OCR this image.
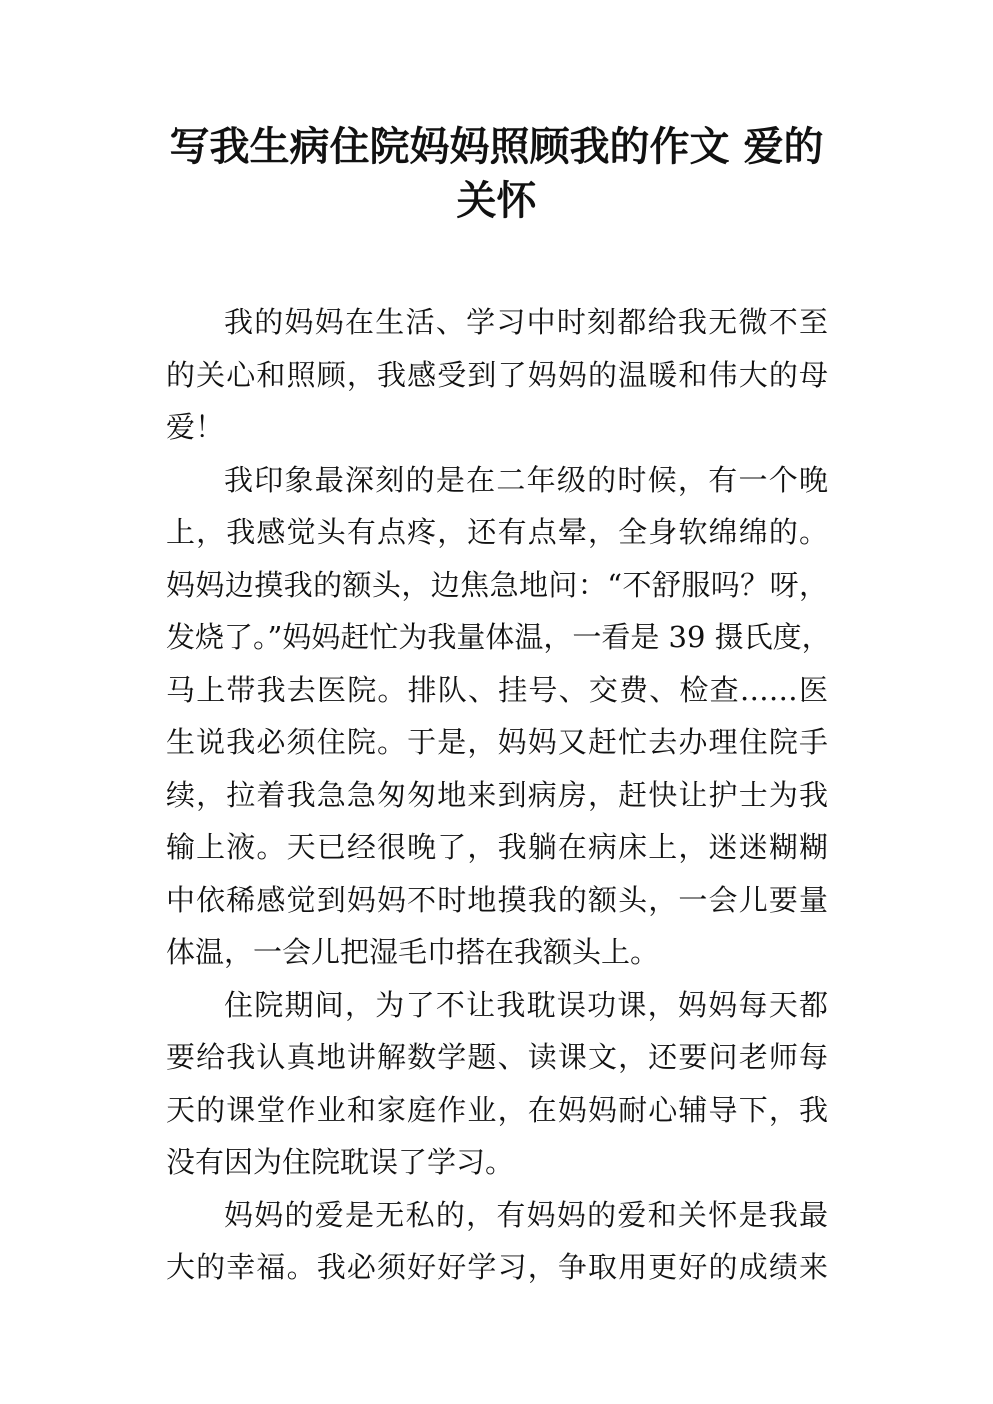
写我生病住院妈妈照顾我的作文 爱的
关怀

我的妈妈在生活、学习中时刻都给我无微不至
的关心和照顾，我感受到了妈妈的温暖和伟大的母
爱！

我印象最深刻的是在二年级的时候，有一个晚
上，我感觉头有点疼，还有点晕，全身软绵绵的。
妈妈边摸我的额头，边焦急地问：“不舒服吗？呀，
发烧了。”妈妈赶忙为我量体温，一看是 39 摄氏度，
马上带我去医院。排队、挂号、交费、检查……医
生说我必须住院。于是，妈妈又赶忙去办理住院手
续，拉着我急急匆匆地来到病房，赶快让护士为我
输上液。天已经很晚了，我躺在病床上，迷迷糊糊
中依稀感觉到妈妈不时地摸我的额头，一会儿要量
体温，一会儿把湿毛巾搭在我额头上。

住院期间，为了不让我耽误功课，妈妈每天都
要给我认真地讲解数学题、读课文，还要问老师每
天的课堂作业和家庭作业，在妈妈耐心辅导下，我
没有因为住院耽误了学习。

妈妈的爱是无私的，有妈妈的爱和关怀是我最
大的幸福。我必须好好学习，争取用更好的成绩来
